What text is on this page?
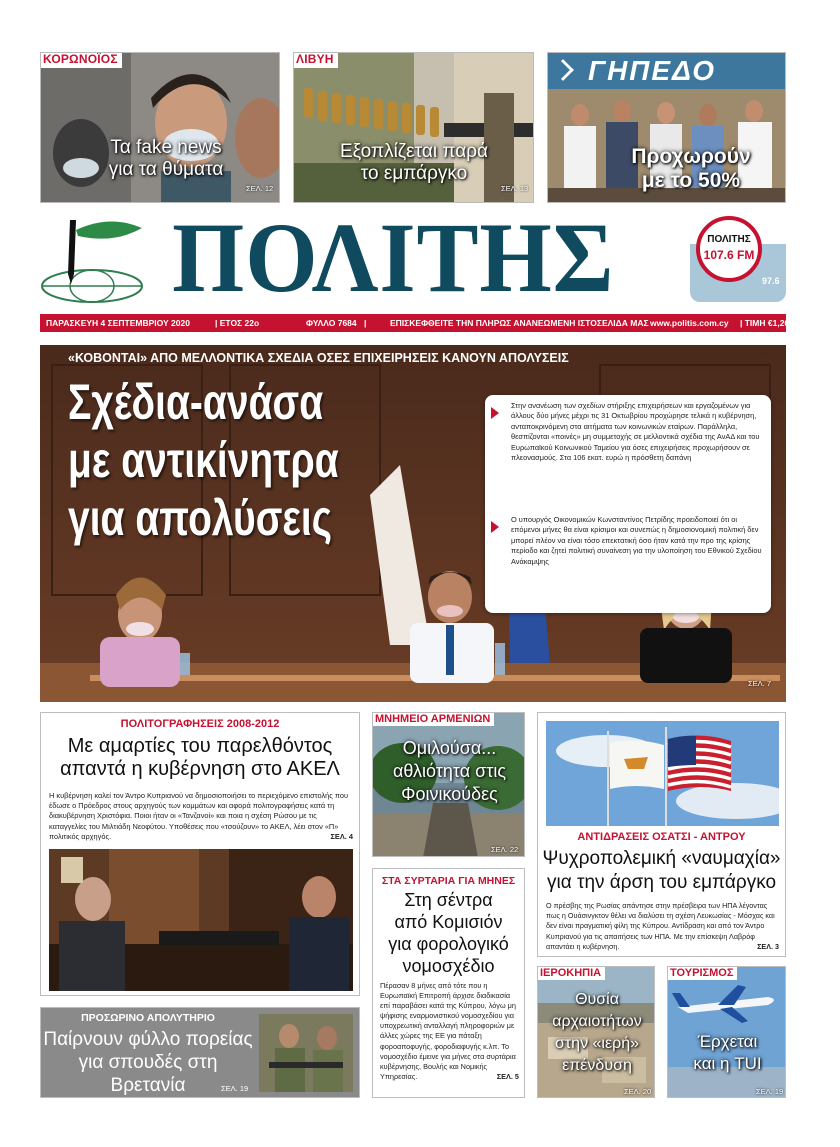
ΚΟΡΩΝΟΪΟΣ
Τα fake news
για τα θύματα
ΣΕΛ. 12
ΛΙΒΥΗ
Εξοπλίζεται παρά
το εμπάργκο
ΣΕΛ. 13
ΓΗΠΕΔΟ
Προχωρούν
με το 50%
ΠΟΛΙΤΗΣ	ΠΟΛΙΤΗΣ
107.6 FM
97.6
ΠΑΡΑΣΚΕΥΗ 4 ΣΕΠΤΕΜΒΡΙΟΥ 2020	| ΕΤΟΣ 22ο	ΦΥΛΛΟ 7684 |	ΕΠΙΣΚΕΦΘΕΙΤΕ ΤΗΝ ΠΛΗΡΩΣ ΑΝΑΝΕΩΜΕΝΗ ΙΣΤΟΣΕΛΙΔΑ ΜΑΣ www.politis.com.cy | ΤΙΜΗ €1,20
«ΚΟΒΟΝΤΑΙ» ΑΠΟ ΜΕΛΛΟΝΤΙΚΑ ΣΧΕΔΙΑ ΟΣΕΣ ΕΠΙΧΕΙΡΗΣΕΙΣ ΚΑΝΟΥΝ ΑΠΟΛΥΣΕΙΣ
Σχέδια-ανάσα
με αντικίνητρα
για απολύσεις
Στην ανανέωση των σχεδίων στήριξης επιχειρήσεων και εργαζομένων για άλλους δύο μήνες μέχρι τις 31 Οκτωβρίου προχώρησε τελικά η κυβέρνηση, ανταποκρινόμενη στα αιτήματα των κοινωνικών εταίρων. Παράλληλα, θεσπίζονται «ποινές» μη συμμετοχής σε μελλοντικά σχέδια της ΑνΑΔ και του Ευρωπαϊκού Κοινωνικού Ταμείου για όσες επιχειρήσεις προχωρήσουν σε πλεονασμούς. Στα 106 εκατ. ευρώ η πρόσθετη δαπάνη
Ο υπουργός Οικονομικών Κωνσταντίνος Πετρίδης προειδοποιεί ότι οι επόμενοι μήνες θα είναι κρίσιμοι και συνεπώς η δημοσιονομική πολιτική δεν μπορεί πλέον να είναι τόσο επεκτατική όσο ήταν κατά την προ της κρίσης περίοδο και ζητεί πολιτική συναίνεση για την υλοποίηση του Εθνικού Σχεδίου Ανάκαμψης
ΣΕΛ. 7
ΠΟΛΙΤΟΓΡΑΦΗΣΕΙΣ 2008-2012
Με αμαρτίες του παρελθόντος
απαντά η κυβέρνηση στο ΑΚΕΛ
Η κυβέρνηση καλεί τον Άντρο Κυπριανού να δημοσιοποιήσει το περιεχόμενο επιστολής που έδωσε ο Πρόεδρος στους αρχηγούς των κομμάτων και αφορά πολιτογραφήσεις κατά τη διακυβέρνηση Χριστόφια. Ποιοι ήταν οι «Τανζανοί» και ποια η σχέση Ρώσου με τις καταγγελίες του Μιλτιάδη Νεοφύτου. Υποθέσεις που «τσούζουν» το ΑΚΕΛ, λέει στον «Π» πολιτικός αρχηγός.	ΣΕΛ. 4
ΜΝΗΜΕΙΟ ΑΡΜΕΝΙΩΝ
Ομιλούσα...
αθλιότητα στις
Φοινικούδες
ΣΕΛ. 22
ΑΝΤΙΔΡΑΣΕΙΣ ΟΣΑΤΣΙ - ΑΝΤΡΟΥ
Ψυχροπολεμική «ναυμαχία»
για την άρση του εμπάργκο
Ο πρέσβης της Ρωσίας απάντησε στην πρέσβειρα των ΗΠΑ λέγοντας πως η Ουάσινγκτον θέλει να διαλύσει τη σχέση Λευκωσίας - Μόσχας και δεν είναι πραγματική φίλη της Κύπρου. Αντίδραση και από τον Άντρο Κυπριανού για τις απαιτήσεις των ΗΠΑ. Με την επίσκεψη Λαβρόφ απαντάει η κυβέρνηση.	ΣΕΛ. 3
ΣΤΑ ΣΥΡΤΑΡΙΑ ΓΙΑ ΜΗΝΕΣ
Στη σέντρα
από Κομισιόν
για φορολογικό
νομοσχέδιο
Πέρασαν 8 μήνες από τότε που η Ευρωπαϊκή Επιτροπή άρχισε διαδικασία επί παραβάσει κατά της Κύπρου, λόγω μη ψήφισης εναρμονιστικού νομοσχεδίου για υποχρεωτική ανταλλαγή πληροφοριών με άλλες χώρες της ΕΕ για πάταξη φοροαποφυγής, φοροδιαφυγής κ.λπ. Το νομοσχέδιο έμεινε για μήνες στα συρτάρια κυβέρνησης, Βουλής και Νομικής Υπηρεσίας.	ΣΕΛ. 5
ΠΡΟΣΩΡΙΝΟ ΑΠΟΛΥΤΗΡΙΟ
Παίρνουν φύλλο πορείας
για σπουδές στη Βρετανία	ΣΕΛ. 19
ΙΕΡΟΚΗΠΙΑ
Θυσία
αρχαιοτήτων
στην «ιερή»
επένδυση
ΣΕΛ. 20
ΤΟΥΡΙΣΜΟΣ
Έρχεται
και η TUI
ΣΕΛ. 19
